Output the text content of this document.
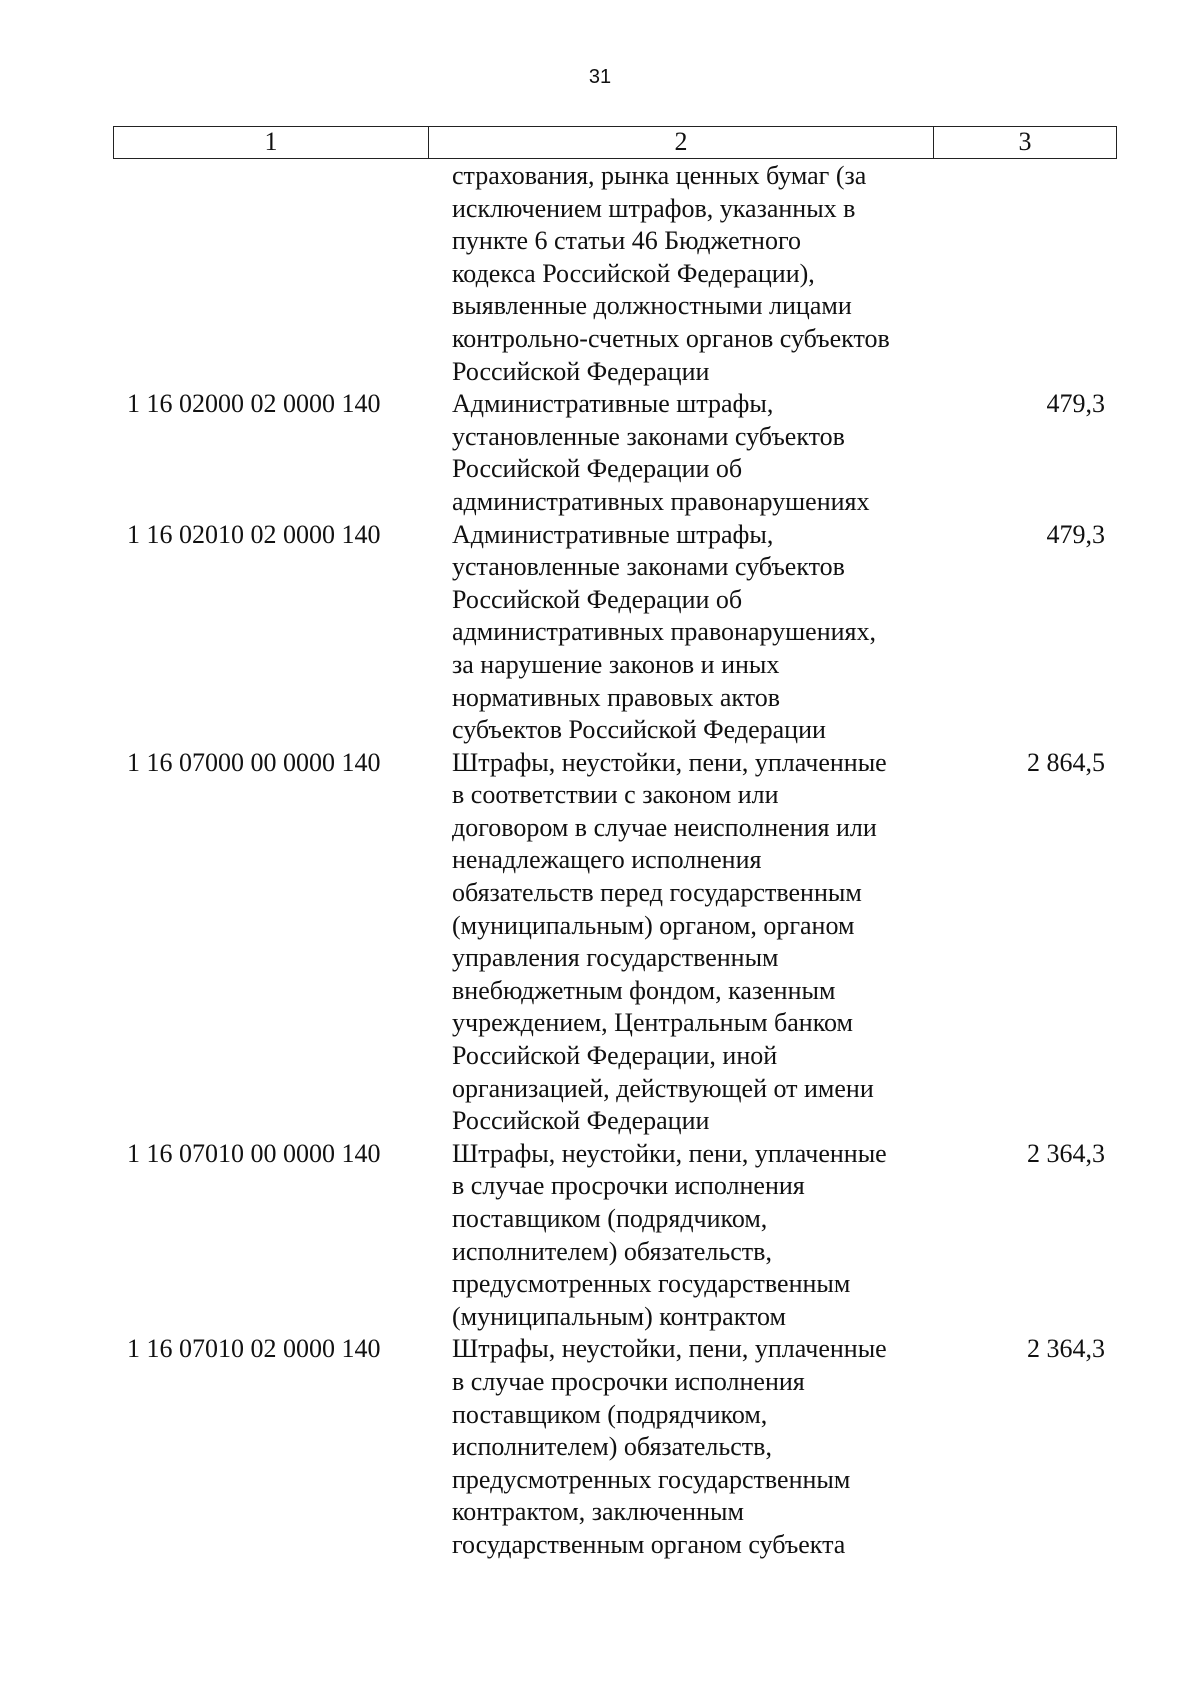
31
1	2	3
страхования, рынка ценных бумаг (за
исключением штрафов, указанных в
пункте 6 статьи 46 Бюджетного
кодекса Российской Федерации),
выявленные должностными лицами
контрольно-счетных органов субъектов
Российской Федерации
1 16 02000 02 0000 140	Административные штрафы,
установленные законами субъектов
Российской Федерации об
административных правонарушениях
479,3
1 16 02010 02 0000 140	Административные штрафы,
установленные законами субъектов
Российской Федерации об
административных правонарушениях,
за нарушение законов и иных
нормативных правовых актов
субъектов Российской Федерации
479,3
1 16 07000 00 0000 140	Штрафы, неустойки, пени, уплаченные
в соответствии с законом или
договором в случае неисполнения или
ненадлежащего исполнения
обязательств перед государственным
(муниципальным) органом, органом
управления государственным
внебюджетным фондом, казенным
учреждением, Центральным банком
Российской Федерации, иной
организацией, действующей от имени
Российской Федерации
2 864,5
1 16 07010 00 0000 140	Штрафы, неустойки, пени, уплаченные
в случае просрочки исполнения
поставщиком (подрядчиком,
исполнителем) обязательств,
предусмотренных государственным
(муниципальным) контрактом
2 364,3
1 16 07010 02 0000 140	Штрафы, неустойки, пени, уплаченные
в случае просрочки исполнения
поставщиком (подрядчиком,
исполнителем) обязательств,
предусмотренных государственным
контрактом, заключенным
государственным органом субъекта
2 364,3
